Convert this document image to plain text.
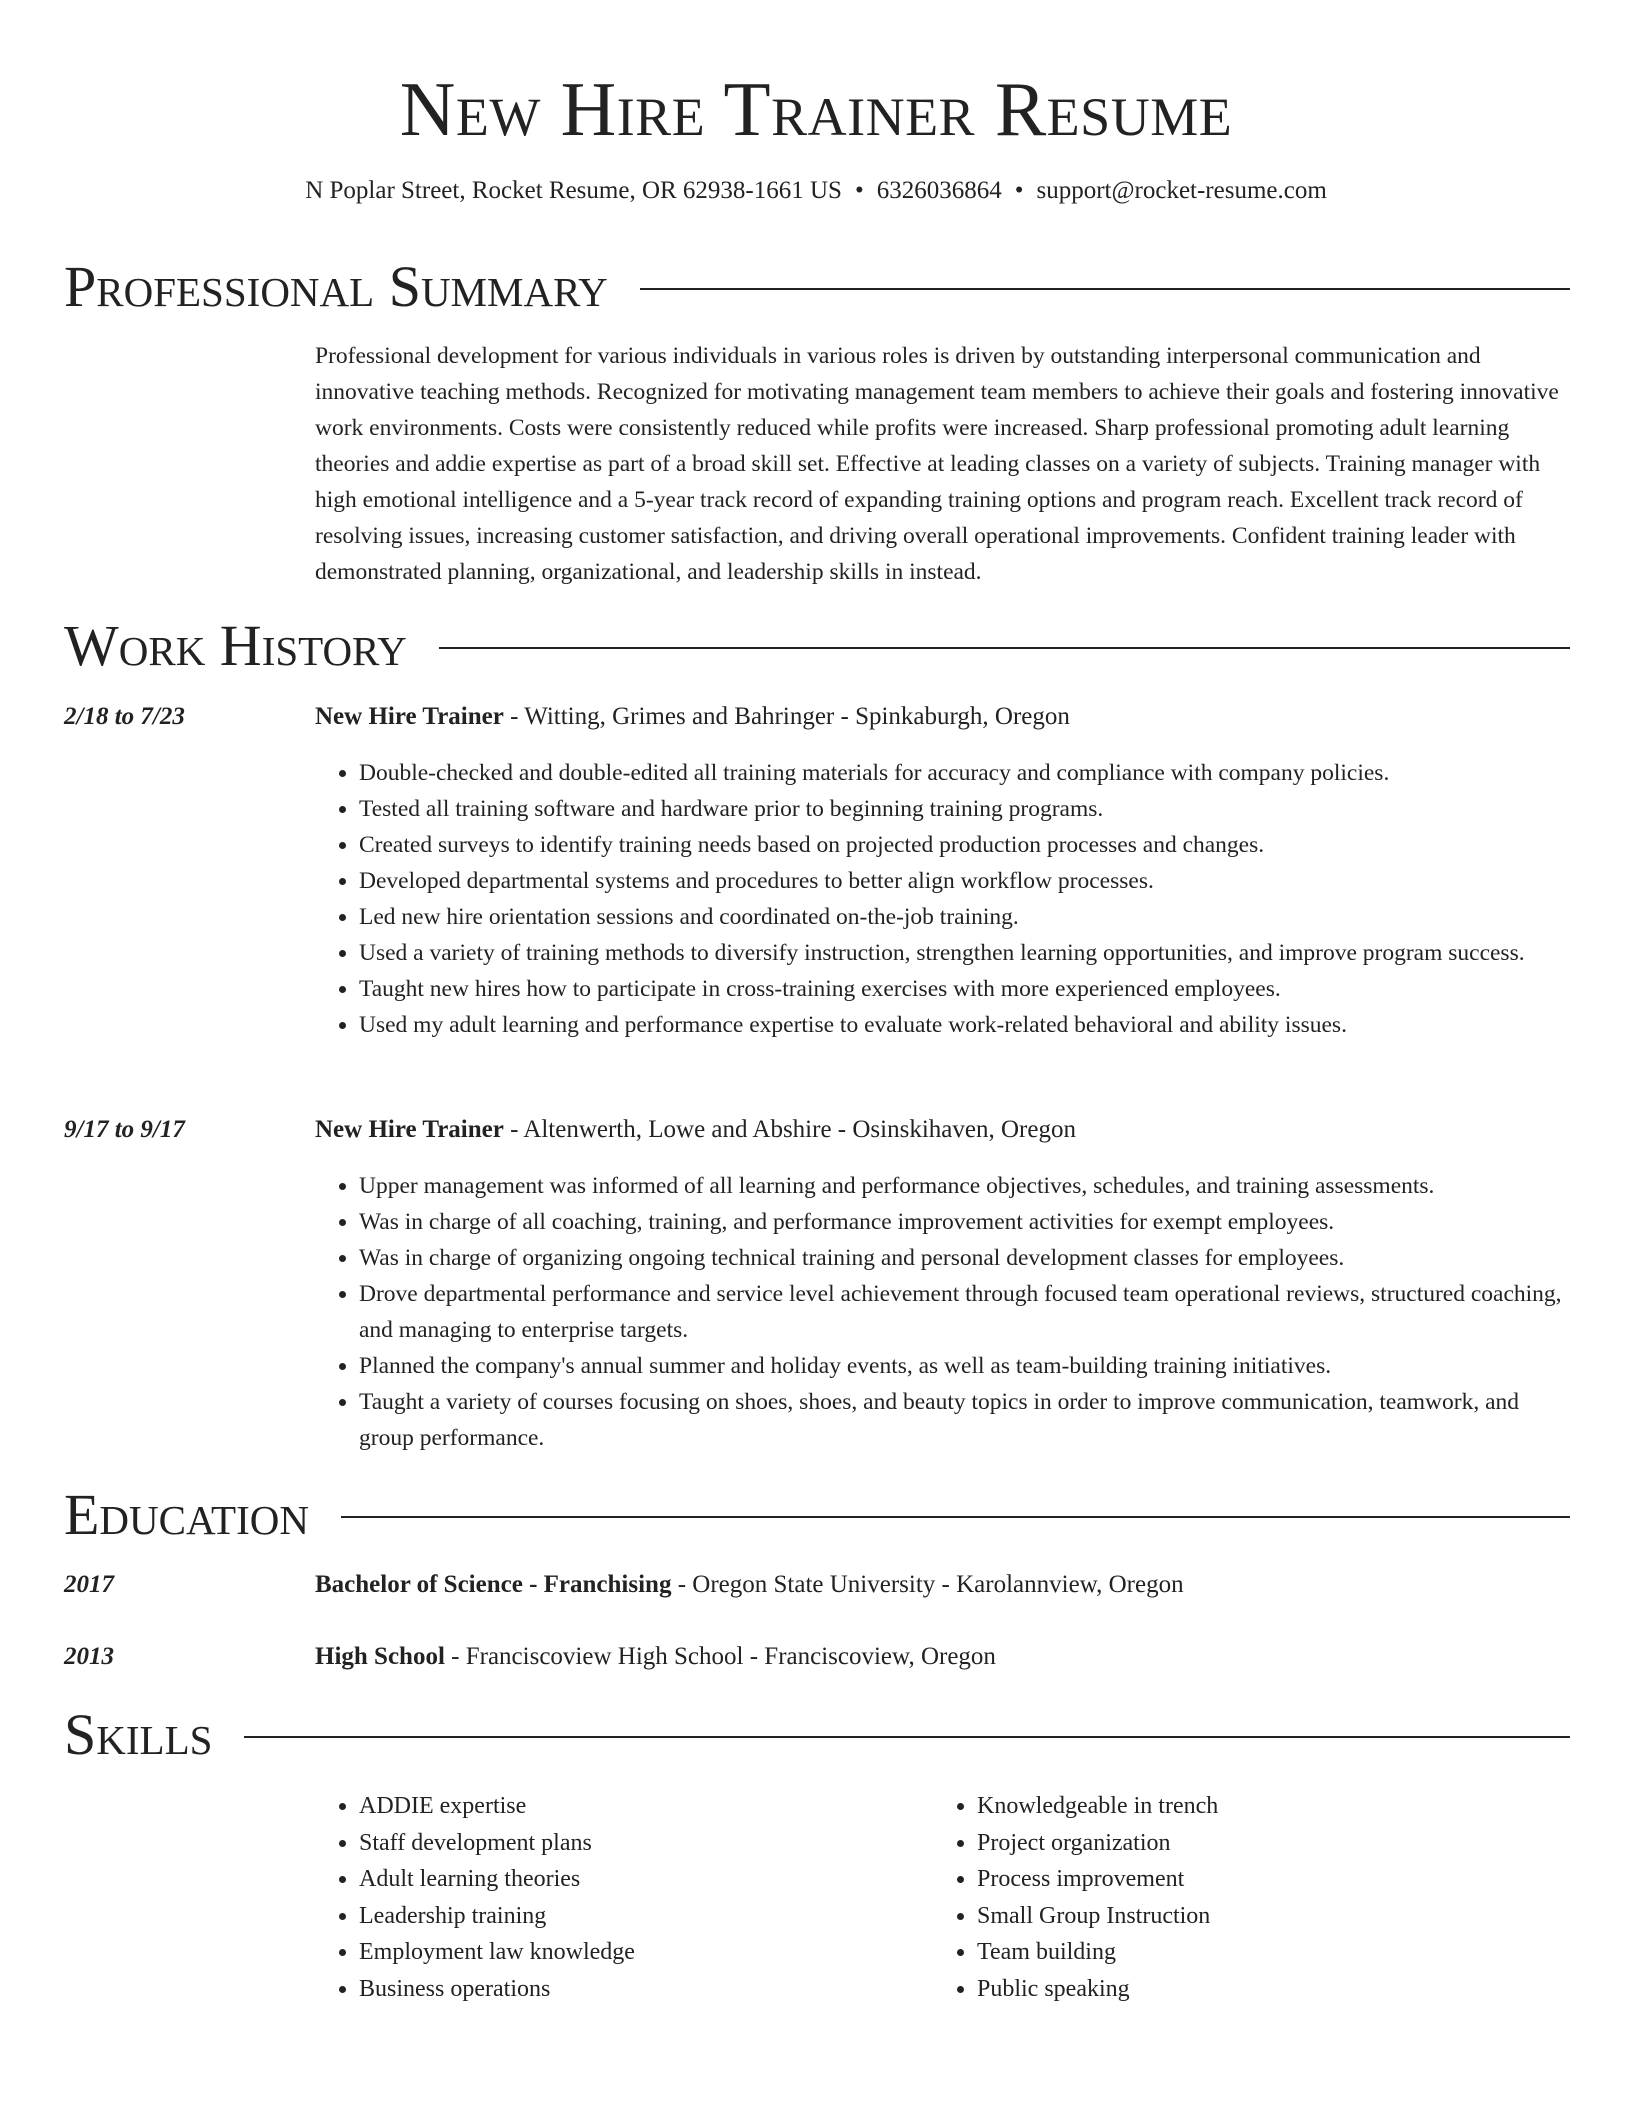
New Hire Trainer Resume
N Poplar Street, Rocket Resume, OR 62938-1661 US • 6326036864 • support@rocket-resume.com
Professional Summary

Professional development for various individuals in various roles is driven by outstanding interpersonal communication and innovative teaching methods. Recognized for motivating management team members to achieve their goals and fostering innovative work environments. Costs were consistently reduced while profits were increased. Sharp professional promoting adult learning theories and addie expertise as part of a broad skill set. Effective at leading classes on a variety of subjects. Training manager with high emotional intelligence and a 5-year track record of expanding training options and program reach. Excellent track record of resolving issues, increasing customer satisfaction, and driving overall operational improvements. Confident training leader with demonstrated planning, organizational, and leadership skills in instead.

Work History
2/18 to 7/23	New Hire Trainer - Witting, Grimes and Bahringer - Spinkaburgh, Oregon
• Double-checked and double-edited all training materials for accuracy and compliance with company policies.
• Tested all training software and hardware prior to beginning training programs.
• Created surveys to identify training needs based on projected production processes and changes.
• Developed departmental systems and procedures to better align workflow processes.
• Led new hire orientation sessions and coordinated on-the-job training.
• Used a variety of training methods to diversify instruction, strengthen learning opportunities, and improve program success.
• Taught new hires how to participate in cross-training exercises with more experienced employees.
• Used my adult learning and performance expertise to evaluate work-related behavioral and ability issues.
9/17 to 9/17	New Hire Trainer - Altenwerth, Lowe and Abshire - Osinskihaven, Oregon
• Upper management was informed of all learning and performance objectives, schedules, and training assessments.
• Was in charge of all coaching, training, and performance improvement activities for exempt employees.
• Was in charge of organizing ongoing technical training and personal development classes for employees.
• Drove departmental performance and service level achievement through focused team operational reviews, structured coaching, and managing to enterprise targets.
• Planned the company's annual summer and holiday events, as well as team-building training initiatives.
• Taught a variety of courses focusing on shoes, shoes, and beauty topics in order to improve communication, teamwork, and group performance.
Education
2017	Bachelor of Science - Franchising - Oregon State University - Karolannview, Oregon
2013	High School - Franciscoview High School - Franciscoview, Oregon
Skills
• ADDIE expertise
• Staff development plans
• Adult learning theories
• Leadership training
• Employment law knowledge
• Business operations
• Knowledgeable in trench
• Project organization
• Process improvement
• Small Group Instruction
• Team building
• Public speaking
